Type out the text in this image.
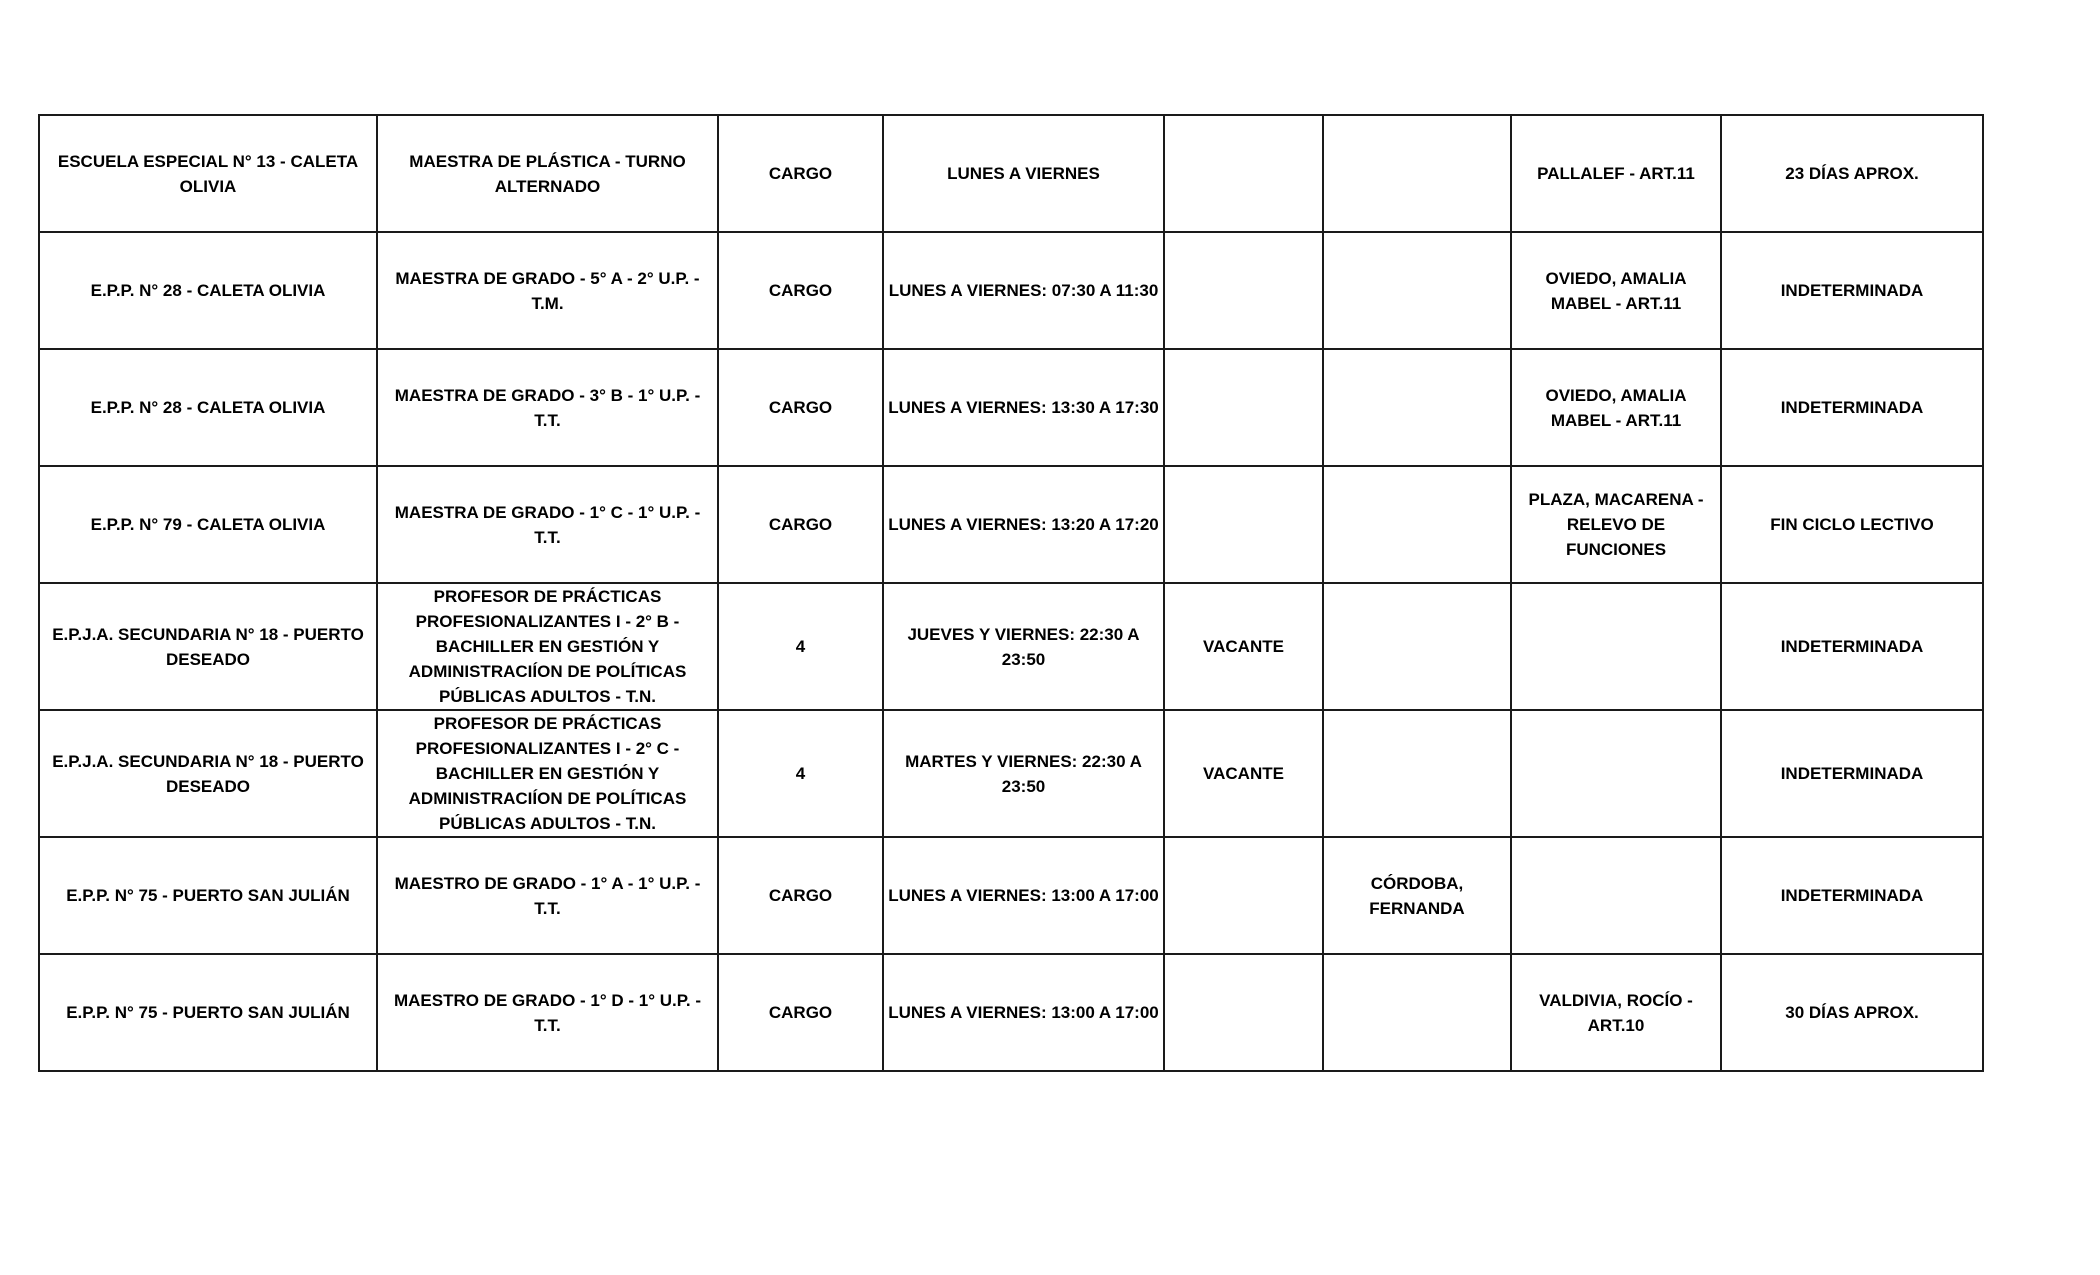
ESCUELA ESPECIAL N° 13 - CALETA OLIVIA	MAESTRA DE PLÁSTICA - TURNO ALTERNADO	CARGO	LUNES A VIERNES			PALLALEF - ART.11	23 DÍAS APROX.
E.P.P. N° 28 - CALETA OLIVIA	MAESTRA DE GRADO - 5° A - 2° U.P. - T.M.	CARGO	LUNES A VIERNES: 07:30 A 11:30			OVIEDO, AMALIA MABEL - ART.11	INDETERMINADA
E.P.P. N° 28 - CALETA OLIVIA	MAESTRA DE GRADO - 3° B - 1° U.P. - T.T.	CARGO	LUNES A VIERNES: 13:30 A 17:30			OVIEDO, AMALIA MABEL - ART.11	INDETERMINADA
E.P.P. N° 79 - CALETA OLIVIA	MAESTRA DE GRADO - 1° C - 1° U.P. - T.T.	CARGO	LUNES A VIERNES: 13:20 A 17:20			PLAZA, MACARENA - RELEVO DE FUNCIONES	FIN CICLO LECTIVO
E.P.J.A. SECUNDARIA N° 18 - PUERTO DESEADO	PROFESOR DE PRÁCTICAS PROFESIONALIZANTES I - 2° B - BACHILLER EN GESTIÓN Y ADMINISTRACIÍON DE POLÍTICAS PÚBLICAS ADULTOS - T.N.	4	JUEVES Y VIERNES: 22:30 A 23:50	VACANTE			INDETERMINADA
E.P.J.A. SECUNDARIA N° 18 - PUERTO DESEADO	PROFESOR DE PRÁCTICAS PROFESIONALIZANTES I - 2° C - BACHILLER EN GESTIÓN Y ADMINISTRACIÍON DE POLÍTICAS PÚBLICAS ADULTOS - T.N.	4	MARTES Y VIERNES: 22:30 A 23:50	VACANTE			INDETERMINADA
E.P.P. N° 75 - PUERTO SAN JULIÁN	MAESTRO DE GRADO - 1° A - 1° U.P. - T.T.	CARGO	LUNES A VIERNES: 13:00 A 17:00		CÓRDOBA, FERNANDA		INDETERMINADA
E.P.P. N° 75 - PUERTO SAN JULIÁN	MAESTRO DE GRADO - 1° D - 1° U.P. - T.T.	CARGO	LUNES A VIERNES: 13:00 A 17:00			VALDIVIA, ROCÍO - ART.10	30 DÍAS APROX.
